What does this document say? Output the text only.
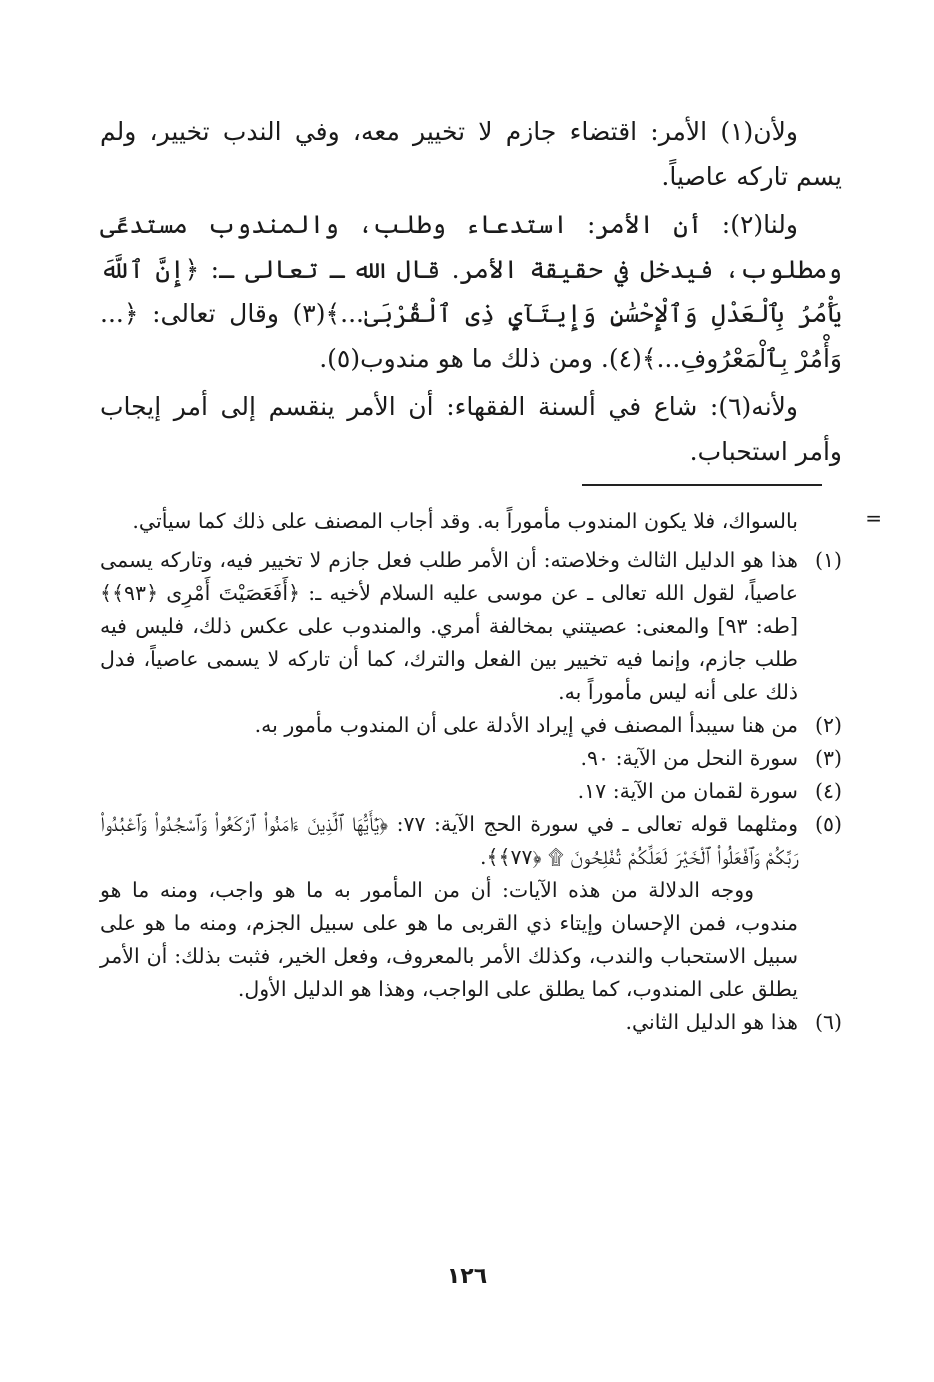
ولأن(١) الأمر: اقتضاء جازم لا تخيير معه، وفي الندب تخيير، ولم يسم تاركه عاصياً.

ولنا(٢): أن الأمر: استدعاء وطلب، والمندوب مستدعًى ومطلوب، فيدخل في حقيقة الأمر. قال الله ـ تعالى ـ: ﴿إِنَّ ٱللَّهَ يَأْمُرُ بِٱلْعَدْلِ وَٱلْإِحْسَٰنِ وَإِيتَآيِٕ ذِى ٱلْقُرْبَىٰ...﴾(٣) وقال تعالى: ﴿... وَأْمُرْ بِٱلْمَعْرُوفِ...﴾(٤). ومن ذلك ما هو مندوب(٥).

ولأنه(٦): شاع في ألسنة الفقهاء: أن الأمر ينقسم إلى أمر إيجاب وأمر استحباب.

=

بالسواك، فلا يكون المندوب مأموراً به. وقد أجاب المصنف على ذلك كما سيأتي.

(١)هذا هو الدليل الثالث وخلاصته: أن الأمر طلب فعل جازم لا تخيير فيه، وتاركه يسمى عاصياً، لقول الله تعالى ـ عن موسى عليه السلام لأخيه ـ: ﴿أَفَعَصَيْتَ أَمْرِى ﴿٩٣﴾﴾ [طه: ٩٣] والمعنى: عصيتني بمخالفة أمري. والمندوب على عكس ذلك، فليس فيه طلب جازم، وإنما فيه تخيير بين الفعل والترك، كما أن تاركه لا يسمى عاصياً، فدل ذلك على أنه ليس مأموراً به.

(٢)من هنا سيبدأ المصنف في إيراد الأدلة على أن المندوب مأمور به.

(٣)سورة النحل من الآية: ٩٠.

(٤)سورة لقمان من الآية: ١٧.

(٥)ومثلهما قوله تعالى ـ في سورة الحج الآية: ٧٧: ﴿يَٰٓأَيُّهَا ٱلَّذِينَ ءَامَنُوا۟ ٱرْكَعُوا۟ وَٱسْجُدُوا۟ وَٱعْبُدُوا۟ رَبَّكُمْ وَٱفْعَلُوا۟ ٱلْخَيْرَ لَعَلَّكُمْ تُفْلِحُونَ ۩ ﴿٧٧﴾﴾.

ووجه الدلالة من هذه الآيات: أن من المأمور به ما هو واجب، ومنه ما هو مندوب، فمن الإحسان وإيتاء ذي القربى ما هو على سبيل الجزم، ومنه ما هو على سبيل الاستحباب والندب، وكذلك الأمر بالمعروف، وفعل الخير، فثبت بذلك: أن الأمر يطلق على المندوب، كما يطلق على الواجب، وهذا هو الدليل الأول.

(٦)هذا هو الدليل الثاني.

١٢٦
